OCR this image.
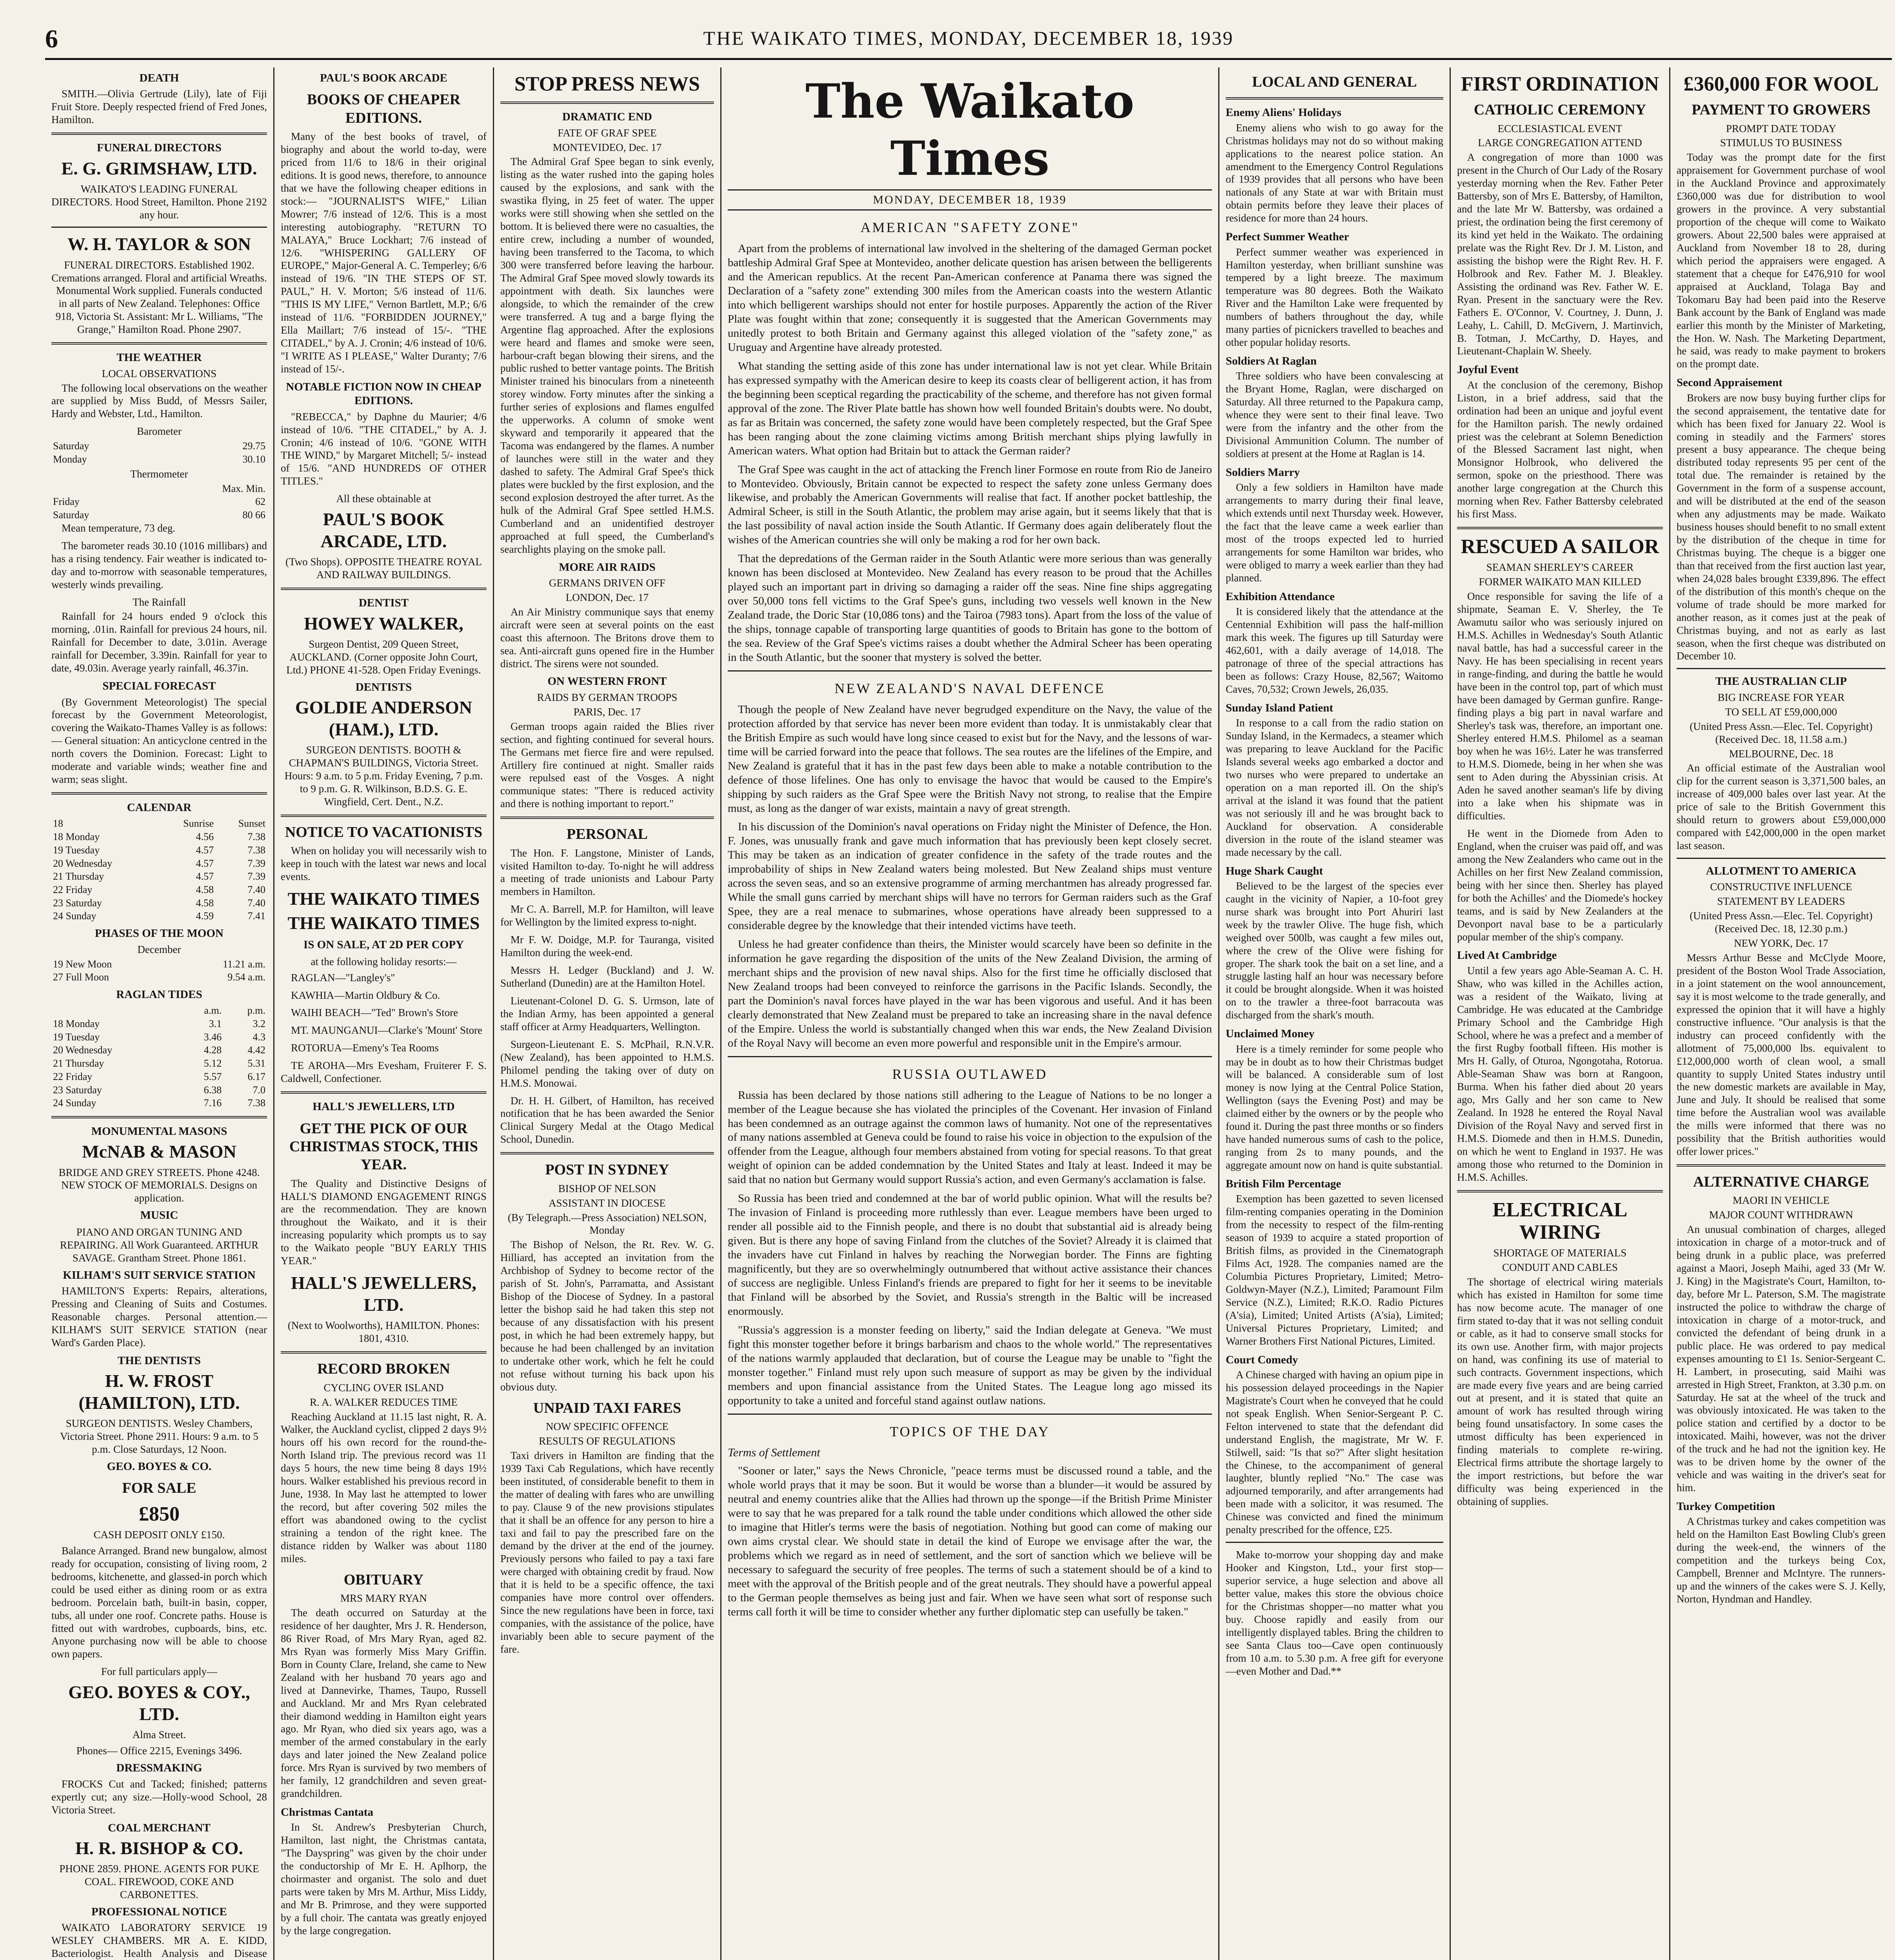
6	THE WAIKATO TIMES, MONDAY, DECEMBER 18, 1939
DEATH

SMITH.—Olivia Gertrude (Lily), late of Fiji Fruit Store. Deeply respected friend of Fred Jones, Hamilton.

FUNERAL DIRECTORS
E. G. GRIMSHAW, LTD.
WAIKATO'S LEADING FUNERAL DIRECTORS. Hood Street, Hamilton. Phone 2192 any hour.
W. H. TAYLOR & SON
FUNERAL DIRECTORS. Established 1902. Cremations arranged. Floral and artificial Wreaths. Monumental Work supplied. Funerals conducted in all parts of New Zealand. Telephones: Office 918, Victoria St. Assistant: Mr L. Williams, "The Grange," Hamilton Road. Phone 2907.
THE WEATHER
LOCAL OBSERVATIONS

The following local observations on the weather are supplied by Miss Budd, of Messrs Sailer, Hardy and Webster, Ltd., Hamilton.

Barometer
Saturday	29.75
Monday	30.10
Thermometer
	Max. Min.
Friday	62
Saturday	80 66

Mean temperature, 73 deg.

The barometer reads 30.10 (1016 millibars) and has a rising tendency. Fair weather is indicated to-day and to-morrow with seasonable temperatures, westerly winds prevailing.

The Rainfall

Rainfall for 24 hours ended 9 o'clock this morning, .01in. Rainfall for previous 24 hours, nil. Rainfall for December to date, 3.01in. Average rainfall for December, 3.39in. Rainfall for year to date, 49.03in. Average yearly rainfall, 46.37in.

SPECIAL FORECAST

(By Government Meteorologist) The special forecast by the Government Meteorologist, covering the Waikato-Thames Valley is as follows:— General situation: An anticyclone centred in the north covers the Dominion. Forecast: Light to moderate and variable winds; weather fine and warm; seas slight.

CALENDAR
18	Sunrise	Sunset
18 Monday	4.56	7.38
19 Tuesday	4.57	7.38
20 Wednesday	4.57	7.39
21 Thursday	4.57	7.39
22 Friday	4.58	7.40
23 Saturday	4.58	7.40
24 Sunday	4.59	7.41
PHASES OF THE MOON
December
19 New Moon	11.21 a.m.
27 Full Moon	9.54 a.m.
RAGLAN TIDES
	a.m.	p.m.
18 Monday	3.1	3.2
19 Tuesday	3.46	4.3
20 Wednesday	4.28	4.42
21 Thursday	5.12	5.31
22 Friday	5.57	6.17
23 Saturday	6.38	7.0
24 Sunday	7.16	7.38
MONUMENTAL MASONS
McNAB & MASON
BRIDGE AND GREY STREETS. Phone 4248. NEW STOCK OF MEMORIALS. Designs on application.
MUSIC
PIANO AND ORGAN TUNING AND REPAIRING. All Work Guaranteed. ARTHUR SAVAGE. Grantham Street. Phone 1861.
KILHAM'S SUIT SERVICE STATION

HAMILTON'S Experts: Repairs, alterations, Pressing and Cleaning of Suits and Costumes. Reasonable charges. Personal attention.—KILHAM'S SUIT SERVICE STATION (near Ward's Garden Place).

THE DENTISTS
H. W. FROST (HAMILTON), LTD.
SURGEON DENTISTS. Wesley Chambers, Victoria Street. Phone 2911. Hours: 9 a.m. to 5 p.m. Close Saturdays, 12 Noon.
GEO. BOYES & CO.
FOR SALE
£850
CASH DEPOSIT ONLY £150.

Balance Arranged. Brand new bungalow, almost ready for occupation, consisting of living room, 2 bedrooms, kitchenette, and glassed-in porch which could be used either as dining room or as extra bedroom. Porcelain bath, built-in basin, copper, tubs, all under one roof. Concrete paths. House is fitted out with wardrobes, cupboards, bins, etc. Anyone purchasing now will be able to choose own papers.

For full particulars apply—
GEO. BOYES & COY., LTD.
Alma Street.
Phones— Office 2215, Evenings 3496.
DRESSMAKING

FROCKS Cut and Tacked; finished; patterns expertly cut; any size.—Holly-wood School, 28 Victoria Street.

COAL MERCHANT
H. R. BISHOP & CO.
PHONE 2859. PHONE. AGENTS FOR PUKE COAL. FIREWOOD, COKE AND CARBONETTES.
PROFESSIONAL NOTICE

WAIKATO LABORATORY SERVICE 19 WESLEY CHAMBERS. MR A. E. KIDD, Bacteriologist. Health Analysis and Disease

PAUL'S BOOK ARCADE
BOOKS OF CHEAPER EDITIONS.

Many of the best books of travel, of biography and about the world to-day, were priced from 11/6 to 18/6 in their original editions. It is good news, therefore, to announce that we have the following cheaper editions in stock:— "JOURNALIST'S WIFE," Lilian Mowrer; 7/6 instead of 12/6. This is a most interesting autobiography. "RETURN TO MALAYA," Bruce Lockhart; 7/6 instead of 12/6. "WHISPERING GALLERY OF EUROPE," Major-General A. C. Temperley; 6/6 instead of 19/6. "IN THE STEPS OF ST. PAUL," H. V. Morton; 5/6 instead of 11/6. "THIS IS MY LIFE," Vernon Bartlett, M.P.; 6/6 instead of 11/6. "FORBIDDEN JOURNEY," Ella Maillart; 7/6 instead of 15/-. "THE CITADEL," by A. J. Cronin; 4/6 instead of 10/6. "I WRITE AS I PLEASE," Walter Duranty; 7/6 instead of 15/-.

NOTABLE FICTION NOW IN CHEAP EDITIONS.

"REBECCA," by Daphne du Maurier; 4/6 instead of 10/6. "THE CITADEL," by A. J. Cronin; 4/6 instead of 10/6. "GONE WITH THE WIND," by Margaret Mitchell; 5/- instead of 15/6. "AND HUNDREDS OF OTHER TITLES."

All these obtainable at
PAUL'S BOOK ARCADE, LTD.
(Two Shops). OPPOSITE THEATRE ROYAL AND RAILWAY BUILDINGS.
DENTIST
HOWEY WALKER,
Surgeon Dentist, 209 Queen Street, AUCKLAND. (Corner opposite John Court, Ltd.) PHONE 41-528. Open Friday Evenings.
DENTISTS
GOLDIE ANDERSON (HAM.), LTD.
SURGEON DENTISTS. BOOTH & CHAPMAN'S BUILDINGS, Victoria Street. Hours: 9 a.m. to 5 p.m. Friday Evening, 7 p.m. to 9 p.m. G. R. Wilkinson, B.D.S. G. E. Wingfield, Cert. Dent., N.Z.
NOTICE TO VACATIONISTS

When on holiday you will necessarily wish to keep in touch with the latest war news and local events.

THE WAIKATO TIMES
THE WAIKATO TIMES
IS ON SALE, AT 2D PER COPY
at the following holiday resorts:—

RAGLAN—"Langley's"

KAWHIA—Martin Oldbury & Co.

WAIHI BEACH—"Ted" Brown's Store

MT. MAUNGANUI—Clarke's 'Mount' Store

ROTORUA—Emeny's Tea Rooms

TE AROHA—Mrs Evesham, Fruiterer F. S. Caldwell, Confectioner.

HALL'S JEWELLERS, LTD
GET THE PICK OF OUR CHRISTMAS STOCK, THIS YEAR.

The Quality and Distinctive Designs of HALL'S DIAMOND ENGAGEMENT RINGS are the recommendation. They are known throughout the Waikato, and it is their increasing popularity which prompts us to say to the Waikato people "BUY EARLY THIS YEAR."

HALL'S JEWELLERS, LTD.
(Next to Woolworths), HAMILTON. Phones: 1801, 4310.
RECORD BROKEN
CYCLING OVER ISLAND
R. A. WALKER REDUCES TIME

Reaching Auckland at 11.15 last night, R. A. Walker, the Auckland cyclist, clipped 2 days 9½ hours off his own record for the round-the-North Island trip. The previous record was 11 days 5 hours, the new time being 8 days 19½ hours. Walker established his previous record in June, 1938. In May last he attempted to lower the record, but after covering 502 miles the effort was abandoned owing to the cyclist straining a tendon of the right knee. The distance ridden by Walker was about 1180 miles.

OBITUARY
MRS MARY RYAN

The death occurred on Saturday at the residence of her daughter, Mrs J. R. Henderson, 86 River Road, of Mrs Mary Ryan, aged 82. Mrs Ryan was formerly Miss Mary Griffin. Born in County Clare, Ireland, she came to New Zealand with her husband 70 years ago and lived at Dannevirke, Thames, Taupo, Russell and Auckland. Mr and Mrs Ryan celebrated their diamond wedding in Hamilton eight years ago. Mr Ryan, who died six years ago, was a member of the armed constabulary in the early days and later joined the New Zealand police force. Mrs Ryan is survived by two members of her family, 12 grandchildren and seven great-grandchildren.

Christmas Cantata

In St. Andrew's Presbyterian Church, Hamilton, last night, the Christmas cantata, "The Dayspring" was given by the choir under the conductorship of Mr E. H. Aplhorp, the choirmaster and organist. The solo and duet parts were taken by Mrs M. Arthur, Miss Liddy, and Mr B. Primrose, and they were supported by a full choir. The cantata was greatly enjoyed by the large congregation.

STOP PRESS NEWS
DRAMATIC END
FATE OF GRAF SPEE
MONTEVIDEO, Dec. 17

The Admiral Graf Spee began to sink evenly, listing as the water rushed into the gaping holes caused by the explosions, and sank with the swastika flying, in 25 feet of water. The upper works were still showing when she settled on the bottom. It is believed there were no casualties, the entire crew, including a number of wounded, having been transferred to the Tacoma, to which 300 were transferred before leaving the harbour. The Admiral Graf Spee moved slowly towards its appointment with death. Six launches were alongside, to which the remainder of the crew were transferred. A tug and a barge flying the Argentine flag approached. After the explosions were heard and flames and smoke were seen, harbour-craft began blowing their sirens, and the public rushed to better vantage points. The British Minister trained his binoculars from a nineteenth storey window. Forty minutes after the sinking a further series of explosions and flames engulfed the upperworks. A column of smoke went skyward and temporarily it appeared that the Tacoma was endangered by the flames. A number of launches were still in the water and they dashed to safety. The Admiral Graf Spee's thick plates were buckled by the first explosion, and the second explosion destroyed the after turret. As the hulk of the Admiral Graf Spee settled H.M.S. Cumberland and an unidentified destroyer approached at full speed, the Cumberland's searchlights playing on the smoke pall.

MORE AIR RAIDS
GERMANS DRIVEN OFF
LONDON, Dec. 17

An Air Ministry communique says that enemy aircraft were seen at several points on the east coast this afternoon. The Britons drove them to sea. Anti-aircraft guns opened fire in the Humber district. The sirens were not sounded.

ON WESTERN FRONT
RAIDS BY GERMAN TROOPS
PARIS, Dec. 17

German troops again raided the Blies river section, and fighting continued for several hours. The Germans met fierce fire and were repulsed. Artillery fire continued at night. Smaller raids were repulsed east of the Vosges. A night communique states: "There is reduced activity and there is nothing important to report."

PERSONAL

The Hon. F. Langstone, Minister of Lands, visited Hamilton to-day. To-night he will address a meeting of trade unionists and Labour Party members in Hamilton.

Mr C. A. Barrell, M.P. for Hamilton, will leave for Wellington by the limited express to-night.

Mr F. W. Doidge, M.P. for Tauranga, visited Hamilton during the week-end.

Messrs H. Ledger (Buckland) and J. W. Sutherland (Dunedin) are at the Hamilton Hotel.

Lieutenant-Colonel D. G. S. Urmson, late of the Indian Army, has been appointed a general staff officer at Army Headquarters, Wellington.

Surgeon-Lieutenant E. S. McPhail, R.N.V.R. (New Zealand), has been appointed to H.M.S. Philomel pending the taking over of duty on H.M.S. Monowai.

Dr. H. H. Gilbert, of Hamilton, has received notification that he has been awarded the Senior Clinical Surgery Medal at the Otago Medical School, Dunedin.

POST IN SYDNEY
BISHOP OF NELSON
ASSISTANT IN DIOCESE
(By Telegraph.—Press Association) NELSON, Monday

The Bishop of Nelson, the Rt. Rev. W. G. Hilliard, has accepted an invitation from the Archbishop of Sydney to become rector of the parish of St. John's, Parramatta, and Assistant Bishop of the Diocese of Sydney. In a pastoral letter the bishop said he had taken this step not because of any dissatisfaction with his present post, in which he had been extremely happy, but because he had been challenged by an invitation to undertake other work, which he felt he could not refuse without turning his back upon his obvious duty.

UNPAID TAXI FARES
NOW SPECIFIC OFFENCE
RESULTS OF REGULATIONS

Taxi drivers in Hamilton are finding that the 1939 Taxi Cab Regulations, which have recently been instituted, of considerable benefit to them in the matter of dealing with fares who are unwilling to pay. Clause 9 of the new provisions stipulates that it shall be an offence for any person to hire a taxi and fail to pay the prescribed fare on the demand by the driver at the end of the journey. Previously persons who failed to pay a taxi fare were charged with obtaining credit by fraud. Now that it is held to be a specific offence, the taxi companies have more control over offenders. Since the new regulations have been in force, taxi companies, with the assistance of the police, have invariably been able to secure payment of the fare.

The Waikato Times
MONDAY, DECEMBER 18, 1939
AMERICAN "SAFETY ZONE"

Apart from the problems of international law involved in the sheltering of the damaged German pocket battleship Admiral Graf Spee at Montevideo, another delicate question has arisen between the belligerents and the American republics. At the recent Pan-American conference at Panama there was signed the Declaration of a "safety zone" extending 300 miles from the American coasts into the western Atlantic into which belligerent warships should not enter for hostile purposes. Apparently the action of the River Plate was fought within that zone; consequently it is suggested that the American Governments may unitedly protest to both Britain and Germany against this alleged violation of the "safety zone," as Uruguay and Argentine have already protested.

What standing the setting aside of this zone has under international law is not yet clear. While Britain has expressed sympathy with the American desire to keep its coasts clear of belligerent action, it has from the beginning been sceptical regarding the practicability of the scheme, and therefore has not given formal approval of the zone. The River Plate battle has shown how well founded Britain's doubts were. No doubt, as far as Britain was concerned, the safety zone would have been completely respected, but the Graf Spee has been ranging about the zone claiming victims among British merchant ships plying lawfully in American waters. What option had Britain but to attack the German raider?

The Graf Spee was caught in the act of attacking the French liner Formose en route from Rio de Janeiro to Montevideo. Obviously, Britain cannot be expected to respect the safety zone unless Germany does likewise, and probably the American Governments will realise that fact. If another pocket battleship, the Admiral Scheer, is still in the South Atlantic, the problem may arise again, but it seems likely that that is the last possibility of naval action inside the South Atlantic. If Germany does again deliberately flout the wishes of the American countries she will only be making a rod for her own back.

That the depredations of the German raider in the South Atlantic were more serious than was generally known has been disclosed at Montevideo. New Zealand has every reason to be proud that the Achilles played such an important part in driving so damaging a raider off the seas. Nine fine ships aggregating over 50,000 tons fell victims to the Graf Spee's guns, including two vessels well known in the New Zealand trade, the Doric Star (10,086 tons) and the Tairoa (7983 tons). Apart from the loss of the value of the ships, tonnage capable of transporting large quantities of goods to Britain has gone to the bottom of the sea. Review of the Graf Spee's victims raises a doubt whether the Admiral Scheer has been operating in the South Atlantic, but the sooner that mystery is solved the better.

NEW ZEALAND'S NAVAL DEFENCE

Though the people of New Zealand have never begrudged expenditure on the Navy, the value of the protection afforded by that service has never been more evident than today. It is unmistakably clear that the British Empire as such would have long since ceased to exist but for the Navy, and the lessons of war-time will be carried forward into the peace that follows. The sea routes are the lifelines of the Empire, and New Zealand is grateful that it has in the past few days been able to make a notable contribution to the defence of those lifelines. One has only to envisage the havoc that would be caused to the Empire's shipping by such raiders as the Graf Spee were the British Navy not strong, to realise that the Empire must, as long as the danger of war exists, maintain a navy of great strength.

In his discussion of the Dominion's naval operations on Friday night the Minister of Defence, the Hon. F. Jones, was unusually frank and gave much information that has previously been kept closely secret. This may be taken as an indication of greater confidence in the safety of the trade routes and the improbability of ships in New Zealand waters being molested. But New Zealand ships must venture across the seven seas, and so an extensive programme of arming merchantmen has already progressed far. While the small guns carried by merchant ships will have no terrors for German raiders such as the Graf Spee, they are a real menace to submarines, whose operations have already been suppressed to a considerable degree by the knowledge that their intended victims have teeth.

Unless he had greater confidence than theirs, the Minister would scarcely have been so definite in the information he gave regarding the disposition of the units of the New Zealand Division, the arming of merchant ships and the provision of new naval ships. Also for the first time he officially disclosed that New Zealand troops had been conveyed to reinforce the garrisons in the Pacific Islands. Secondly, the part the Dominion's naval forces have played in the war has been vigorous and useful. And it has been clearly demonstrated that New Zealand must be prepared to take an increasing share in the naval defence of the Empire. Unless the world is substantially changed when this war ends, the New Zealand Division of the Royal Navy will become an even more powerful and responsible unit in the Empire's armour.

RUSSIA OUTLAWED

Russia has been declared by those nations still adhering to the League of Nations to be no longer a member of the League because she has violated the principles of the Covenant. Her invasion of Finland has been condemned as an outrage against the common laws of humanity. Not one of the representatives of many nations assembled at Geneva could be found to raise his voice in objection to the expulsion of the offender from the League, although four members abstained from voting for special reasons. To that great weight of opinion can be added condemnation by the United States and Italy at least. Indeed it may be said that no nation but Germany would support Russia's action, and even Germany's acclamation is false.

So Russia has been tried and condemned at the bar of world public opinion. What will the results be? The invasion of Finland is proceeding more ruthlessly than ever. League members have been urged to render all possible aid to the Finnish people, and there is no doubt that substantial aid is already being given. But is there any hope of saving Finland from the clutches of the Soviet? Already it is claimed that the invaders have cut Finland in halves by reaching the Norwegian border. The Finns are fighting magnificently, but they are so overwhelmingly outnumbered that without active assistance their chances of success are negligible. Unless Finland's friends are prepared to fight for her it seems to be inevitable that Finland will be absorbed by the Soviet, and Russia's strength in the Baltic will be increased enormously.

"Russia's aggression is a monster feeding on liberty," said the Indian delegate at Geneva. "We must fight this monster together before it brings barbarism and chaos to the whole world." The representatives of the nations warmly applauded that declaration, but of course the League may be unable to "fight the monster together." Finland must rely upon such measure of support as may be given by the individual members and upon financial assistance from the United States. The League long ago missed its opportunity to take a united and forceful stand against outlaw nations.

TOPICS OF THE DAY
Terms of Settlement

"Sooner or later," says the News Chronicle, "peace terms must be discussed round a table, and the whole world prays that it may be soon. But it would be worse than a blunder—it would be assured by neutral and enemy countries alike that the Allies had thrown up the sponge—if the British Prime Minister were to say that he was prepared for a talk round the table under conditions which allowed the other side to imagine that Hitler's terms were the basis of negotiation. Nothing but good can come of making our own aims crystal clear. We should state in detail the kind of Europe we envisage after the war, the problems which we regard as in need of settlement, and the sort of sanction which we believe will be necessary to safeguard the security of free peoples. The terms of such a statement should be of a kind to meet with the approval of the British people and of the great neutrals. They should have a powerful appeal to the German people themselves as being just and fair. When we have seen what sort of response such terms call forth it will be time to consider whether any further diplomatic step can usefully be taken."

LOCAL AND GENERAL
Enemy Aliens' Holidays

Enemy aliens who wish to go away for the Christmas holidays may not do so without making applications to the nearest police station. An amendment to the Emergency Control Regulations of 1939 provides that all persons who have been nationals of any State at war with Britain must obtain permits before they leave their places of residence for more than 24 hours.

Perfect Summer Weather

Perfect summer weather was experienced in Hamilton yesterday, when brilliant sunshine was tempered by a light breeze. The maximum temperature was 80 degrees. Both the Waikato River and the Hamilton Lake were frequented by numbers of bathers throughout the day, while many parties of picnickers travelled to beaches and other popular holiday resorts.

Soldiers At Raglan

Three soldiers who have been convalescing at the Bryant Home, Raglan, were discharged on Saturday. All three returned to the Papakura camp, whence they were sent to their final leave. Two were from the infantry and the other from the Divisional Ammunition Column. The number of soldiers at present at the Home at Raglan is 14.

Soldiers Marry

Only a few soldiers in Hamilton have made arrangements to marry during their final leave, which extends until next Thursday week. However, the fact that the leave came a week earlier than most of the troops expected led to hurried arrangements for some Hamilton war brides, who were obliged to marry a week earlier than they had planned.

Exhibition Attendance

It is considered likely that the attendance at the Centennial Exhibition will pass the half-million mark this week. The figures up till Saturday were 462,601, with a daily average of 14,018. The patronage of three of the special attractions has been as follows: Crazy House, 82,567; Waitomo Caves, 70,532; Crown Jewels, 26,035.

Sunday Island Patient

In response to a call from the radio station on Sunday Island, in the Kermadecs, a steamer which was preparing to leave Auckland for the Pacific Islands several weeks ago embarked a doctor and two nurses who were prepared to undertake an operation on a man reported ill. On the ship's arrival at the island it was found that the patient was not seriously ill and he was brought back to Auckland for observation. A considerable diversion in the route of the island steamer was made necessary by the call.

Huge Shark Caught

Believed to be the largest of the species ever caught in the vicinity of Napier, a 10-foot grey nurse shark was brought into Port Ahuriri last week by the trawler Olive. The huge fish, which weighed over 500lb, was caught a few miles out, where the crew of the Olive were fishing for groper. The shark took the bait on a set line, and a struggle lasting half an hour was necessary before it could be brought alongside. When it was hoisted on to the trawler a three-foot barracouta was discharged from the shark's mouth.

Unclaimed Money

Here is a timely reminder for some people who may be in doubt as to how their Christmas budget will be balanced. A considerable sum of lost money is now lying at the Central Police Station, Wellington (says the Evening Post) and may be claimed either by the owners or by the people who found it. During the past three months or so finders have handed numerous sums of cash to the police, ranging from 2s to many pounds, and the aggregate amount now on hand is quite substantial.

British Film Percentage

Exemption has been gazetted to seven licensed film-renting companies operating in the Dominion from the necessity to respect of the film-renting season of 1939 to acquire a stated proportion of British films, as provided in the Cinematograph Films Act, 1928. The companies named are the Columbia Pictures Proprietary, Limited; Metro-Goldwyn-Mayer (N.Z.), Limited; Paramount Film Service (N.Z.), Limited; R.K.O. Radio Pictures (A'sia), Limited; United Artists (A'sia), Limited; Universal Pictures Proprietary, Limited; and Warner Brothers First National Pictures, Limited.

Court Comedy

A Chinese charged with having an opium pipe in his possession delayed proceedings in the Napier Magistrate's Court when he conveyed that he could not speak English. When Senior-Sergeant P. C. Felton intervened to state that the defendant did understand English, the magistrate, Mr W. F. Stilwell, said: "Is that so?" After slight hesitation the Chinese, to the accompaniment of general laughter, bluntly replied "No." The case was adjourned temporarily, and after arrangements had been made with a solicitor, it was resumed. The Chinese was convicted and fined the minimum penalty prescribed for the offence, £25.

Make to-morrow your shopping day and make Hooker and Kingston, Ltd., your first stop—superior service, a huge selection and above all better value, makes this store the obvious choice for the Christmas shopper—no matter what you buy. Choose rapidly and easily from our intelligently displayed tables. Bring the children to see Santa Claus too—Cave open continuously from 10 a.m. to 5.30 p.m. A free gift for everyone—even Mother and Dad.**

FIRST ORDINATION
CATHOLIC CEREMONY
ECCLESIASTICAL EVENT
LARGE CONGREGATION ATTEND

A congregation of more than 1000 was present in the Church of Our Lady of the Rosary yesterday morning when the Rev. Father Peter Battersby, son of Mrs E. Battersby, of Hamilton, and the late Mr W. Battersby, was ordained a priest, the ordination being the first ceremony of its kind yet held in the Waikato. The ordaining prelate was the Right Rev. Dr J. M. Liston, and assisting the bishop were the Right Rev. H. F. Holbrook and Rev. Father M. J. Bleakley. Assisting the ordinand was Rev. Father W. E. Ryan. Present in the sanctuary were the Rev. Fathers E. O'Connor, V. Courtney, J. Dunn, J. Leahy, L. Cahill, D. McGivern, J. Martinvich, B. Totman, J. McCarthy, D. Hayes, and Lieutenant-Chaplain W. Sheely.

Joyful Event

At the conclusion of the ceremony, Bishop Liston, in a brief address, said that the ordination had been an unique and joyful event for the Hamilton parish. The newly ordained priest was the celebrant at Solemn Benediction of the Blessed Sacrament last night, when Monsignor Holbrook, who delivered the sermon, spoke on the priesthood. There was another large congregation at the Church this morning when Rev. Father Battersby celebrated his first Mass.

RESCUED A SAILOR
SEAMAN SHERLEY'S CAREER
FORMER WAIKATO MAN KILLED

Once responsible for saving the life of a shipmate, Seaman E. V. Sherley, the Te Awamutu sailor who was seriously injured on H.M.S. Achilles in Wednesday's South Atlantic naval battle, has had a successful career in the Navy. He has been specialising in recent years in range-finding, and during the battle he would have been in the control top, part of which must have been damaged by German gunfire. Range-finding plays a big part in naval warfare and Sherley's task was, therefore, an important one. Sherley entered H.M.S. Philomel as a seaman boy when he was 16½. Later he was transferred to H.M.S. Diomede, being in her when she was sent to Aden during the Abyssinian crisis. At Aden he saved another seaman's life by diving into a lake when his shipmate was in difficulties.

He went in the Diomede from Aden to England, when the cruiser was paid off, and was among the New Zealanders who came out in the Achilles on her first New Zealand commission, being with her since then. Sherley has played for both the Achilles' and the Diomede's hockey teams, and is said by New Zealanders at the Devonport naval base to be a particularly popular member of the ship's company.

Lived At Cambridge

Until a few years ago Able-Seaman A. C. H. Shaw, who was killed in the Achilles action, was a resident of the Waikato, living at Cambridge. He was educated at the Cambridge Primary School and the Cambridge High School, where he was a prefect and a member of the first Rugby football fifteen. His mother is Mrs H. Gally, of Oturoa, Ngongotaha, Rotorua. Able-Seaman Shaw was born at Rangoon, Burma. When his father died about 20 years ago, Mrs Gally and her son came to New Zealand. In 1928 he entered the Royal Naval Division of the Royal Navy and served first in H.M.S. Diomede and then in H.M.S. Dunedin, on which he went to England in 1937. He was among those who returned to the Dominion in H.M.S. Achilles.

ELECTRICAL WIRING
SHORTAGE OF MATERIALS
CONDUIT AND CABLES

The shortage of electrical wiring materials which has existed in Hamilton for some time has now become acute. The manager of one firm stated to-day that it was not selling conduit or cable, as it had to conserve small stocks for its own use. Another firm, with major projects on hand, was confining its use of material to such contracts. Government inspections, which are made every five years and are being carried out at present, and it is stated that quite an amount of work has resulted through wiring being found unsatisfactory. In some cases the utmost difficulty has been experienced in finding materials to complete re-wiring. Electrical firms attribute the shortage largely to the import restrictions, but before the war difficulty was being experienced in the obtaining of supplies.

£360,000 FOR WOOL
PAYMENT TO GROWERS
PROMPT DATE TODAY
STIMULUS TO BUSINESS

Today was the prompt date for the first appraisement for Government purchase of wool in the Auckland Province and approximately £360,000 was due for distribution to wool growers in the province. A very substantial proportion of the cheque will come to Waikato growers. About 22,500 bales were appraised at Auckland from November 18 to 28, during which period the appraisers were engaged. A statement that a cheque for £476,910 for wool appraised at Auckland, Tolaga Bay and Tokomaru Bay had been paid into the Reserve Bank account by the Bank of England was made earlier this month by the Minister of Marketing, the Hon. W. Nash. The Marketing Department, he said, was ready to make payment to brokers on the prompt date.

Second Appraisement

Brokers are now busy buying further clips for the second appraisement, the tentative date for which has been fixed for January 22. Wool is coming in steadily and the Farmers' stores present a busy appearance. The cheque being distributed today represents 95 per cent of the total due. The remainder is retained by the Government in the form of a suspense account, and will be distributed at the end of the season when any adjustments may be made. Waikato business houses should benefit to no small extent by the distribution of the cheque in time for Christmas buying. The cheque is a bigger one than that received from the first auction last year, when 24,028 bales brought £339,896. The effect of the distribution of this month's cheque on the volume of trade should be more marked for another reason, as it comes just at the peak of Christmas buying, and not as early as last season, when the first cheque was distributed on December 10.

THE AUSTRALIAN CLIP
BIG INCREASE FOR YEAR
TO SELL AT £59,000,000
(United Press Assn.—Elec. Tel. Copyright) (Received Dec. 18, 11.58 a.m.)
MELBOURNE, Dec. 18

An official estimate of the Australian wool clip for the current season is 3,371,500 bales, an increase of 409,000 bales over last year. At the price of sale to the British Government this should return to growers about £59,000,000 compared with £42,000,000 in the open market last season.

ALLOTMENT TO AMERICA
CONSTRUCTIVE INFLUENCE
STATEMENT BY LEADERS
(United Press Assn.—Elec. Tel. Copyright) (Received Dec. 18, 12.30 p.m.)
NEW YORK, Dec. 17

Messrs Arthur Besse and McClyde Moore, president of the Boston Wool Trade Association, in a joint statement on the wool announcement, say it is most welcome to the trade generally, and expressed the opinion that it will have a highly constructive influence. "Our analysis is that the industry can proceed confidently with the allotment of 75,000,000 lbs. equivalent to £12,000,000 worth of clean wool, a small quantity to supply United States industry until the new domestic markets are available in May, June and July. It should be realised that some time before the Australian wool was available the mills were informed that there was no possibility that the British authorities would offer lower prices."

ALTERNATIVE CHARGE
MAORI IN VEHICLE
MAJOR COUNT WITHDRAWN

An unusual combination of charges, alleged intoxication in charge of a motor-truck and of being drunk in a public place, was preferred against a Maori, Joseph Maihi, aged 33 (Mr W. J. King) in the Magistrate's Court, Hamilton, to-day, before Mr L. Paterson, S.M. The magistrate instructed the police to withdraw the charge of intoxication in charge of a motor-truck, and convicted the defendant of being drunk in a public place. He was ordered to pay medical expenses amounting to £1 1s. Senior-Sergeant C. H. Lambert, in prosecuting, said Maihi was arrested in High Street, Frankton, at 3.30 p.m. on Saturday. He sat at the wheel of the truck and was obviously intoxicated. He was taken to the police station and certified by a doctor to be intoxicated. Maihi, however, was not the driver of the truck and he had not the ignition key. He was to be driven home by the owner of the vehicle and was waiting in the driver's seat for him.

Turkey Competition

A Christmas turkey and cakes competition was held on the Hamilton East Bowling Club's green during the week-end, the winners of the competition and the turkeys being Cox, Campbell, Brenner and McIntyre. The runners-up and the winners of the cakes were S. J. Kelly, Norton, Hyndman and Handley.
